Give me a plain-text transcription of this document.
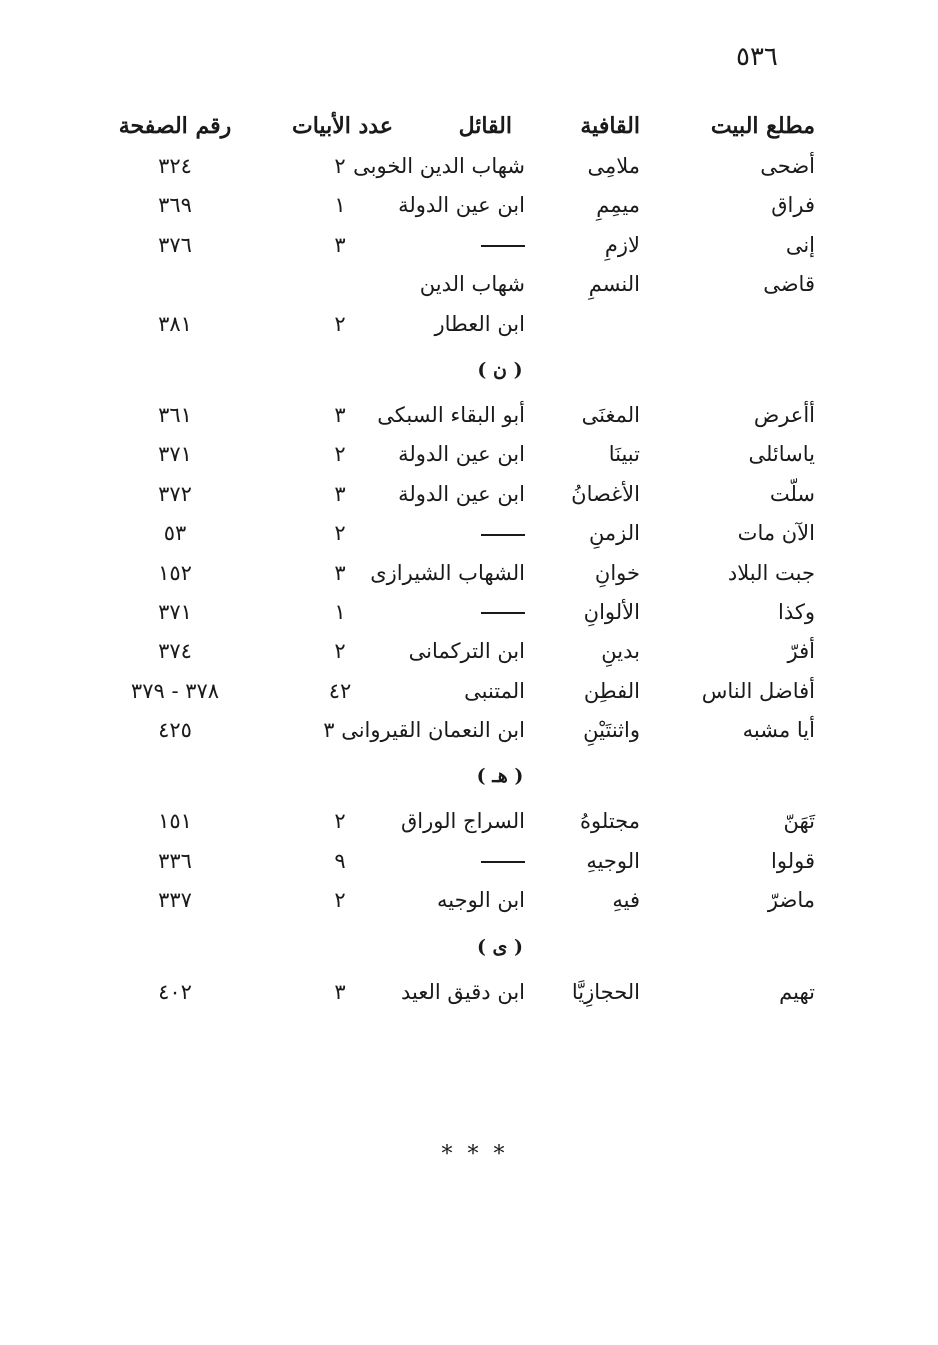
٥٣٦
مطلع البيت
القافية
القائل
عدد الأبيات
رقم الصفحة
أضحى
ملامِى
شهاب الدين الخوبى
٢
٣٢٤
فراق
ميمِمِ
ابن عين الدولة
١
٣٦٩
إنى
لازمِ
٣
٣٧٦
قاضى
النسمِ
شهاب الدين
ابن العطار
٢
٣٨١
( ن )
أأعرض
المغنَى
أبو البقاء السبكى
٣
٣٦١
ياسائلى
تبينَا
ابن عين الدولة
٢
٣٧١
سلّت
الأغصانُ
ابن عين الدولة
٣
٣٧٢
الآن مات
الزمنِ
٢
٥٣
جبت البلاد
خوانِ
الشهاب الشيرازى
٣
١٥٢
وكذا
الألوانِ
١
٣٧١
أفرّ
بدينِ
ابن التركمانى
٢
٣٧٤
أفاضل الناس
الفطِن
المتنبى
٤٢
٣٧٨ - ٣٧٩
أيا مشبه
واثنتَيْنِ
ابن النعمان القيروانى ٣
٤٢٥
( هـ )
تَهَنّ
مجتلوهُ
السراج الوراق
٢
١٥١
قولوا
الوجيهِ
٩
٣٣٦
ماضرّ
فيهِ
ابن الوجيه
٢
٣٣٧
( ى )
تهيم
الحجازِيَّا
ابن دقيق العيد
٣
٤٠٢
* * *
